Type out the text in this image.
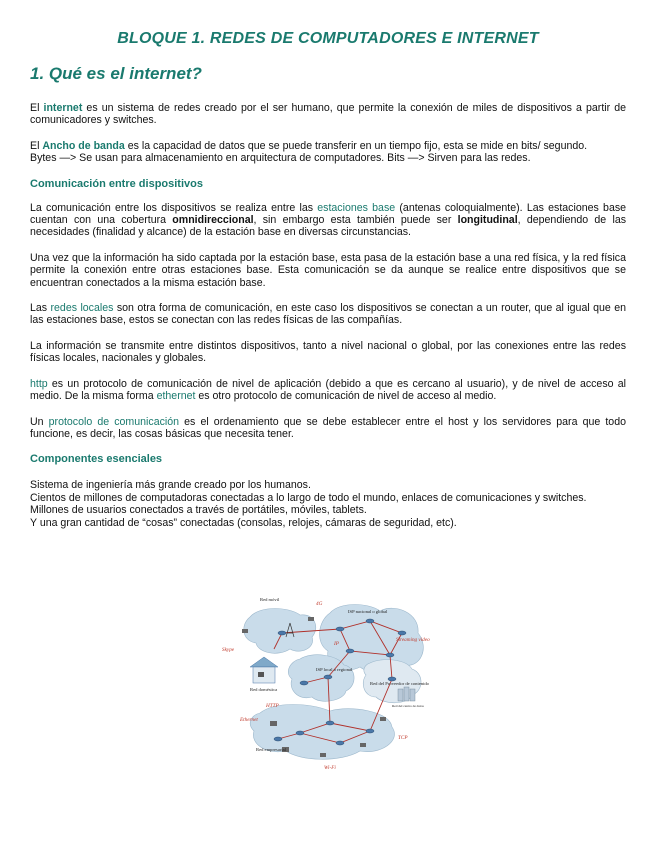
BLOQUE 1. REDES DE COMPUTADORES E INTERNET
1. Qué es el internet?

El internet es un sistema de redes creado por el ser humano, que permite la conexión de miles de dispositivos a partir de comunicadores y switches.

El Ancho de banda es la capacidad de datos que se puede transferir en un tiempo fijo, esta se mide en bits/ segundo.
Bytes —> Se usan para almacenamiento en arquitectura de computadores. Bits —> Sirven para las redes.

Comunicación entre dispositivos

La comunicación entre los dispositivos se realiza entre las estaciones base (antenas coloquialmente). Las estaciones base cuentan con una cobertura omnidireccional, sin embargo esta también puede ser longitudinal, dependiendo de las necesidades (finalidad y alcance) de la estación base en diversas circunstancias.

Una vez que la información ha sido captada por la estación base, esta pasa de la estación base a una red física, y la red física permite la conexión entre otras estaciones base. Esta comunicación se da aunque se realice entre dispositivos que se encuentran conectados a la misma estación base.

Las redes locales son otra forma de comunicación, en este caso los dispositivos se conectan a un router, que al igual que en las estaciones base, estos se conectan con las redes físicas de las compañías.

La información se transmite entre distintos dispositivos, tanto a nivel nacional o global, por las conexiones entre las redes físicas locales, nacionales y globales.

http es un protocolo de comunicación de nivel de aplicación (debido a que es cercano al usuario), y de nivel de acceso al medio. De la misma forma ethernet es otro protocolo de comunicación de nivel de acceso al medio.

Un protocolo de comunicación es el ordenamiento que se debe establecer entre el host y los servidores para que todo funcione, es decir, las cosas básicas que necesita tener.

Componentes esenciales

Sistema de ingeniería más grande creado por los humanos.
Cientos de millones de computadoras conectadas a lo largo de todo el mundo, enlaces de comunicaciones y switches.
Millones de usuarios conectados a través de portátiles, móviles, tablets.
Y una gran cantidad de “cosas” conectadas (consolas, relojes, cámaras de seguridad, etc).

Red móvil
ISP nacional o global
ISP local o regional
Red doméstica
Red del Proveedor de contenido
Red del centro de datos
Red empresarial
4G
Skype
IP
Streaming video
HTTP
Ethernet
TCP
Wi-Fi
